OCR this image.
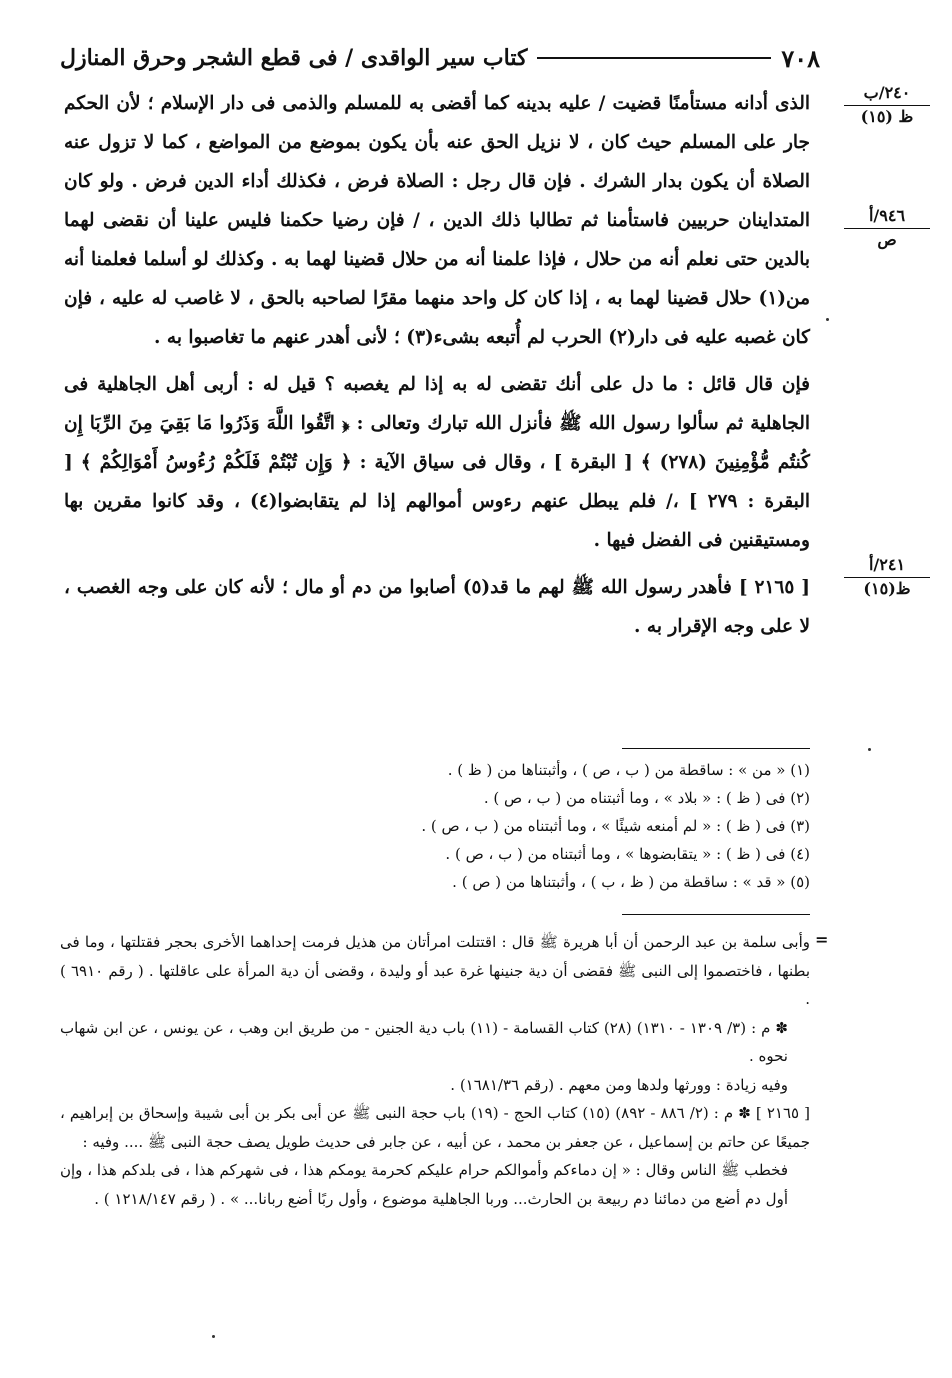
٧٠٨
كتاب سير الواقدى / فى قطع الشجر وحرق المنازل
٢٤٠/ب
ظ (١٥)
٩٤٦/أ
ص
٢٤١/أ
ظ(١٥)

الذى أدانه مستأمنًا قضيت / عليه بدينه كما أقضى به للمسلم والذمى فى دار الإسلام ؛ لأن الحكم جار على المسلم حيث كان ، لا نزيل الحق عنه بأن يكون بموضع من المواضع ، كما لا تزول عنه الصلاة أن يكون بدار الشرك . فإن قال رجل : الصلاة فرض ، فكذلك أداء الدين فرض . ولو كان المتداينان حربيين فاستأمنا ثم تطالبا ذلك الدين ، / فإن رضيا حكمنا فليس علينا أن نقضى لهما بالدين حتى نعلم أنه من حلال ، فإذا علمنا أنه من حلال قضينا لهما به . وكذلك لو أسلما فعلمنا أنه من(١) حلال قضينا لهما به ، إذا كان كل واحد منهما مقرًا لصاحبه بالحق ، لا غاصب له عليه ، فإن كان غصبه عليه فى دار(٢) الحرب لم أُتبعه بشىء(٣) ؛ لأنى أهدر عنهم ما تغاصبوا به .

فإن قال قائل : ما دل على أنك تقضى له به إذا لم يغصبه ؟ قيل له : أربى أهل الجاهلية فى الجاهلية ثم سألوا رسول الله ﷺ فأنزل الله تبارك وتعالى : ﴿ اتَّقُوا اللَّهَ وَذَرُوا مَا بَقِيَ مِنَ الرِّبَا إِن كُنتُم مُّؤْمِنِينَ (٢٧٨) ﴾ [ البقرة ] ، وقال فى سياق الآية : ﴿ وَإِن تُبْتُمْ فَلَكُمْ رُءُوسُ أَمْوَالِكُمْ ﴾ [ البقرة : ٢٧٩ ] ،/ فلم يبطل عنهم رءوس أموالهم إذا لم يتقابضوا(٤) ، وقد كانوا مقرين بها ومستيقنين فى الفضل فيها .

[ ٢١٦٥ ] فأهدر رسول الله ﷺ لهم ما قد(٥) أصابوا من دم أو مال ؛ لأنه كان على وجه الغصب ، لا على وجه الإقرار به .

(١) « من » : ساقطة من ( ب ، ص ) ، وأثبتناها من ( ظ ) .
(٢) فى ( ظ ) : « بلاد » ، وما أثبتناه من ( ب ، ص ) .
(٣) فى ( ظ ) : « لم أمنعه شيئًا » ، وما أثبتناه من ( ب ، ص ) .
(٤) فى ( ظ ) : « يتقابضوها » ، وما أثبتناه من ( ب ، ص ) .
(٥) « قد » : ساقطة من ( ظ ، ب ) ، وأثبتناها من ( ص ) .
=

وأبى سلمة بن عبد الرحمن أن أبا هريرة ﷺ قال : اقتتلت امرأتان من هذيل فرمت إحداهما الأخرى بحجر فقتلتها ، وما فى بطنها ، فاختصموا إلى النبى ﷺ فقضى أن دية جنينها غرة عبد أو وليدة ، وقضى أن دية المرأة على عاقلتها . ( رقم ٦٩١٠ ) .

✽ م : (٣/ ١٣٠٩ - ١٣١٠) (٢٨) كتاب القسامة - (١١) باب دية الجنين - من طريق ابن وهب ، عن يونس ، عن ابن شهاب نحوه .

وفيه زيادة : وورثها ولدها ومن معهم . (رقم ١٦٨١/٣٦) .

[ ٢١٦٥ ] ✽ م : (٢/ ٨٨٦ - ٨٩٢) (١٥) كتاب الحج - (١٩) باب حجة النبى ﷺ عن أبى بكر بن أبى شيبة وإسحاق بن إبراهيم ، جميعًا عن حاتم بن إسماعيل ، عن جعفر بن محمد ، عن أبيه ، عن جابر فى حديث طويل يصف حجة النبى ﷺ .... وفيه :

فخطب ﷺ الناس وقال : « إن دماءكم وأموالكم حرام عليكم كحرمة يومكم هذا ، فى شهركم هذا ، فى بلدكم هذا ، وإن أول دم أضع من دمائنا دم ربيعة بن الحارث... وربا الجاهلية موضوع ، وأول ربًا أضع ربانا... » . ( رقم ١٢١٨/١٤٧ ) .
